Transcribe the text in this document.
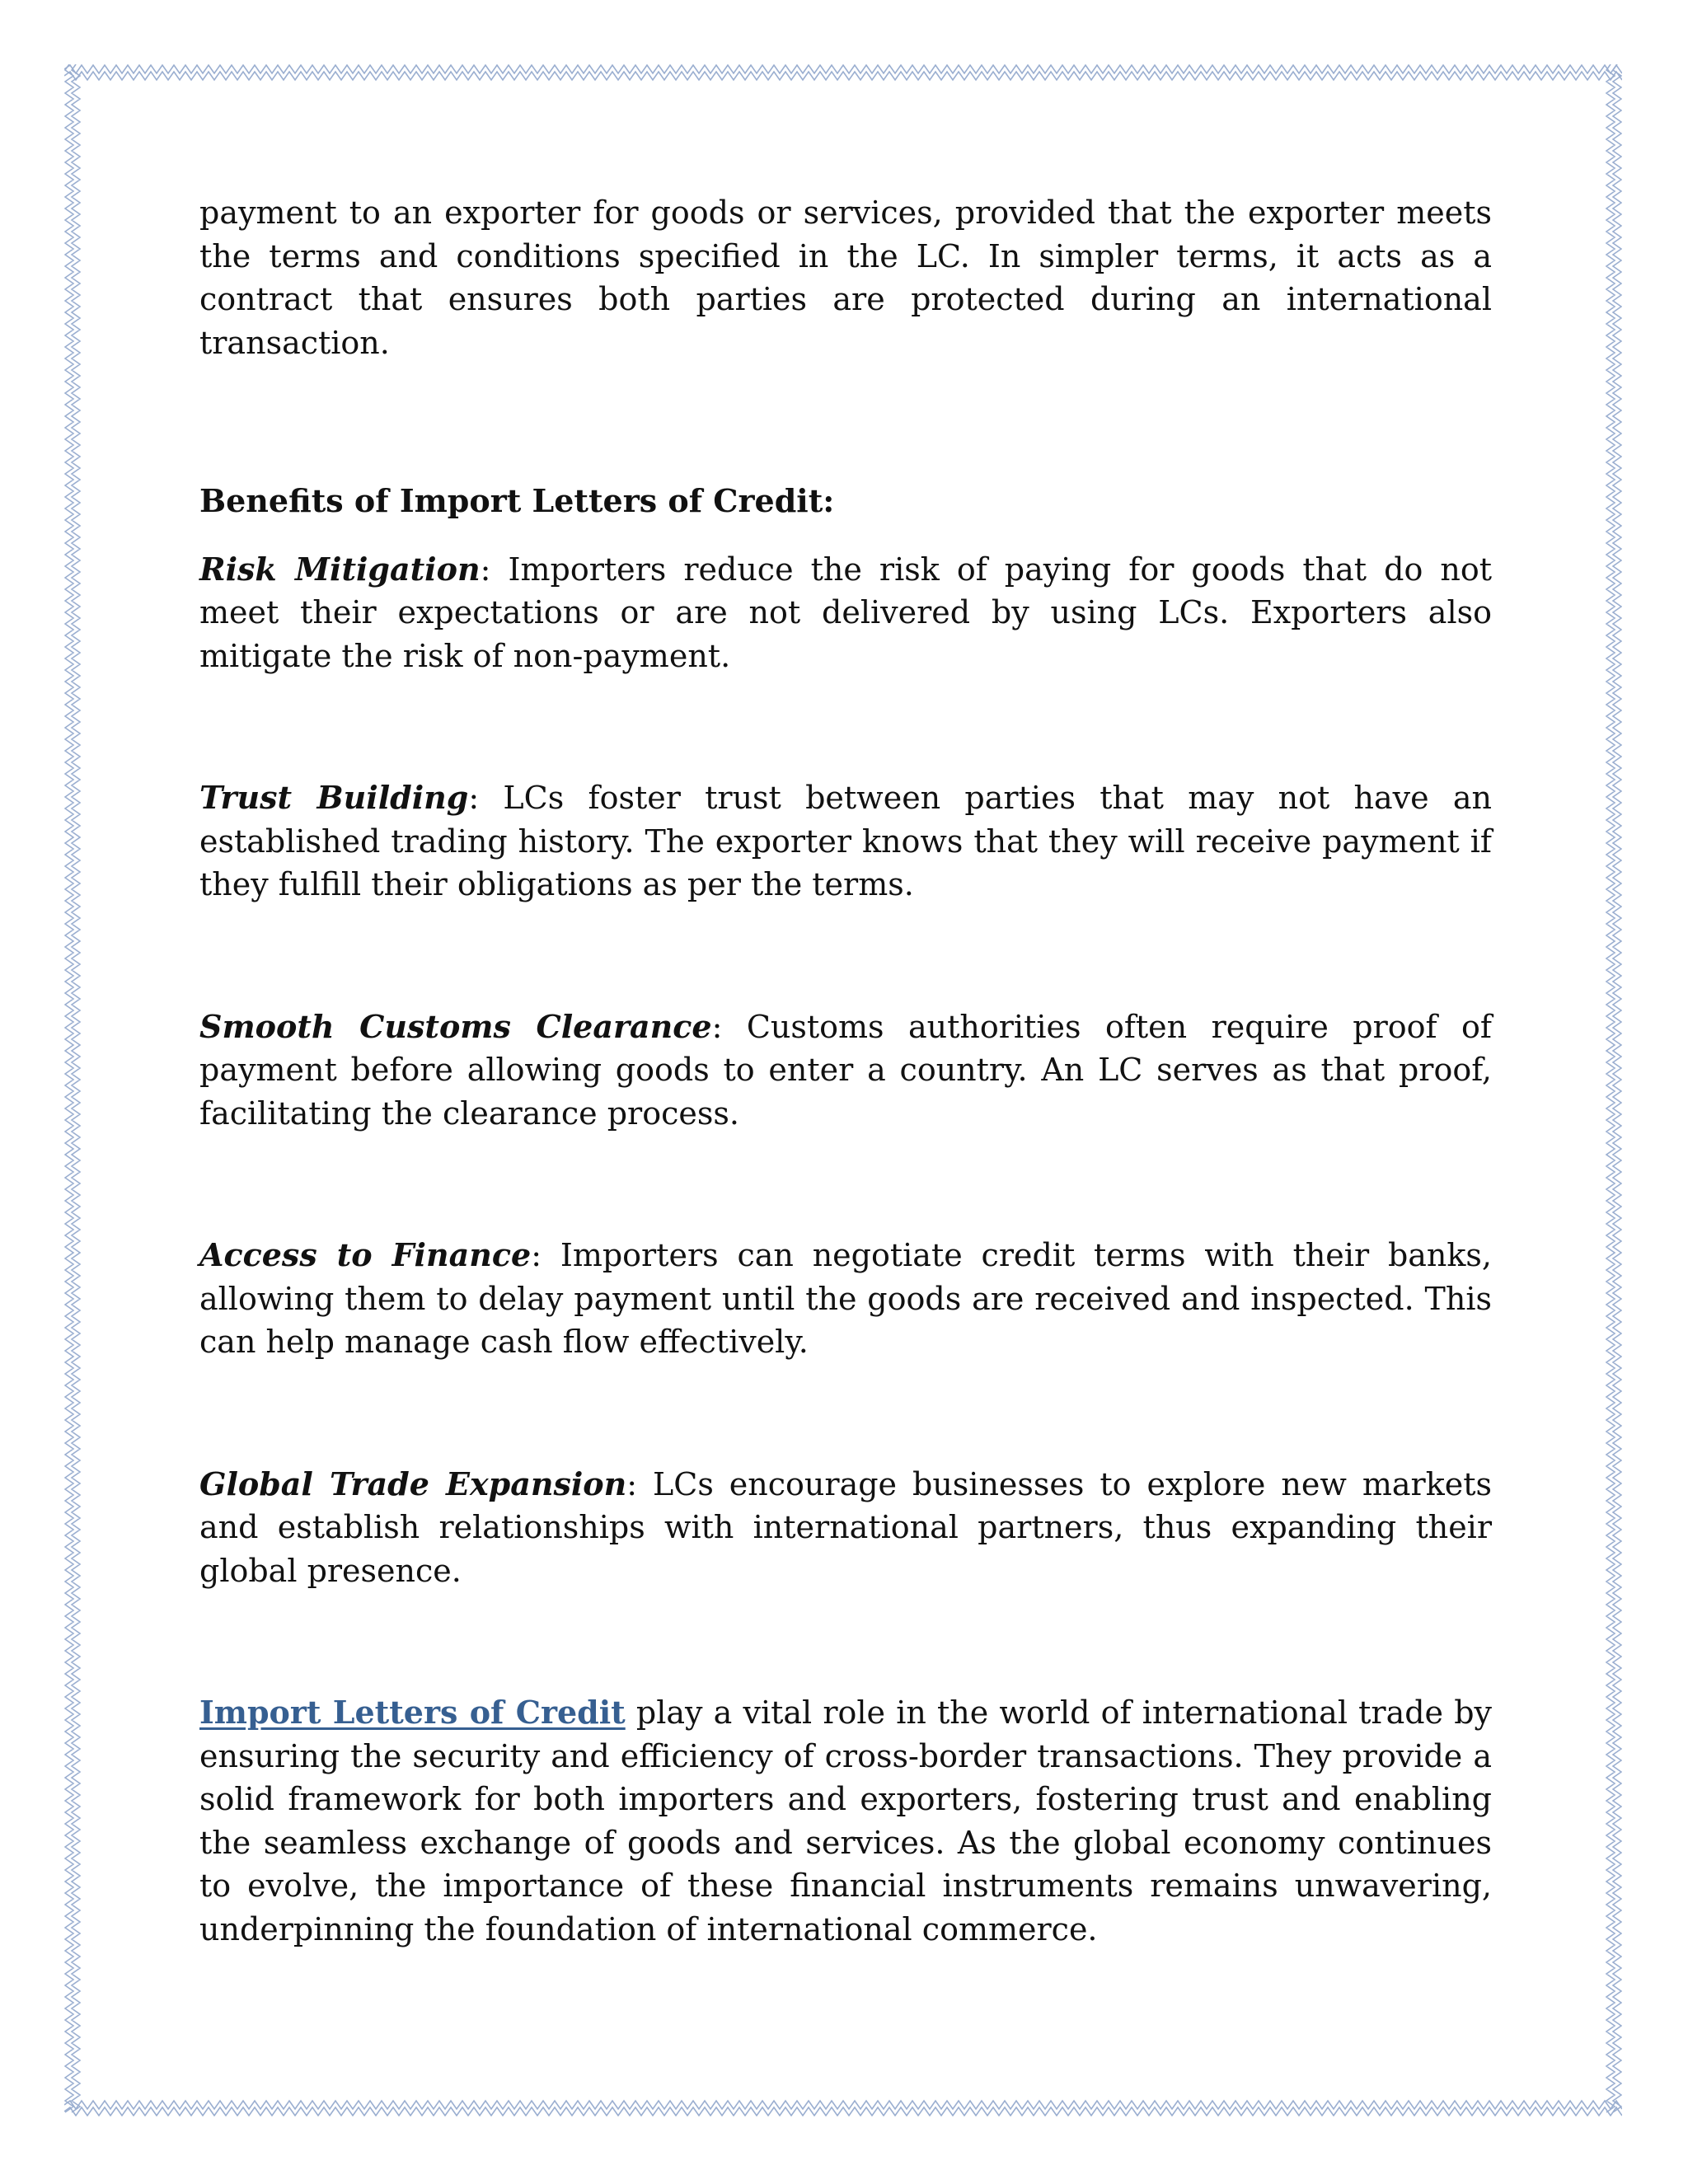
payment to an exporter for goods or services, provided that the exporter meets the terms and conditions specified in the LC. In simpler terms, it acts as a contract that ensures both parties are protected during an international transaction.

Benefits of Import Letters of Credit:

Risk Mitigation: Importers reduce the risk of paying for goods that do not meet their expectations or are not delivered by using LCs. Exporters also mitigate the risk of non-payment.

Trust Building: LCs foster trust between parties that may not have an established trading history. The exporter knows that they will receive payment if they fulfill their obligations as per the terms.

Smooth Customs Clearance: Customs authorities often require proof of payment before allowing goods to enter a country. An LC serves as that proof, facilitating the clearance process.

Access to Finance: Importers can negotiate credit terms with their banks, allowing them to delay payment until the goods are received and inspected. This can help manage cash flow effectively.

Global Trade Expansion: LCs encourage businesses to explore new markets and establish relationships with international partners, thus expanding their global presence.

Import Letters of Credit play a vital role in the world of international trade by ensuring the security and efficiency of cross-border transactions. They provide a solid framework for both importers and exporters, fostering trust and enabling the seamless exchange of goods and services. As the global economy continues to evolve, the importance of these financial instruments remains unwavering, underpinning the foundation of international commerce.
